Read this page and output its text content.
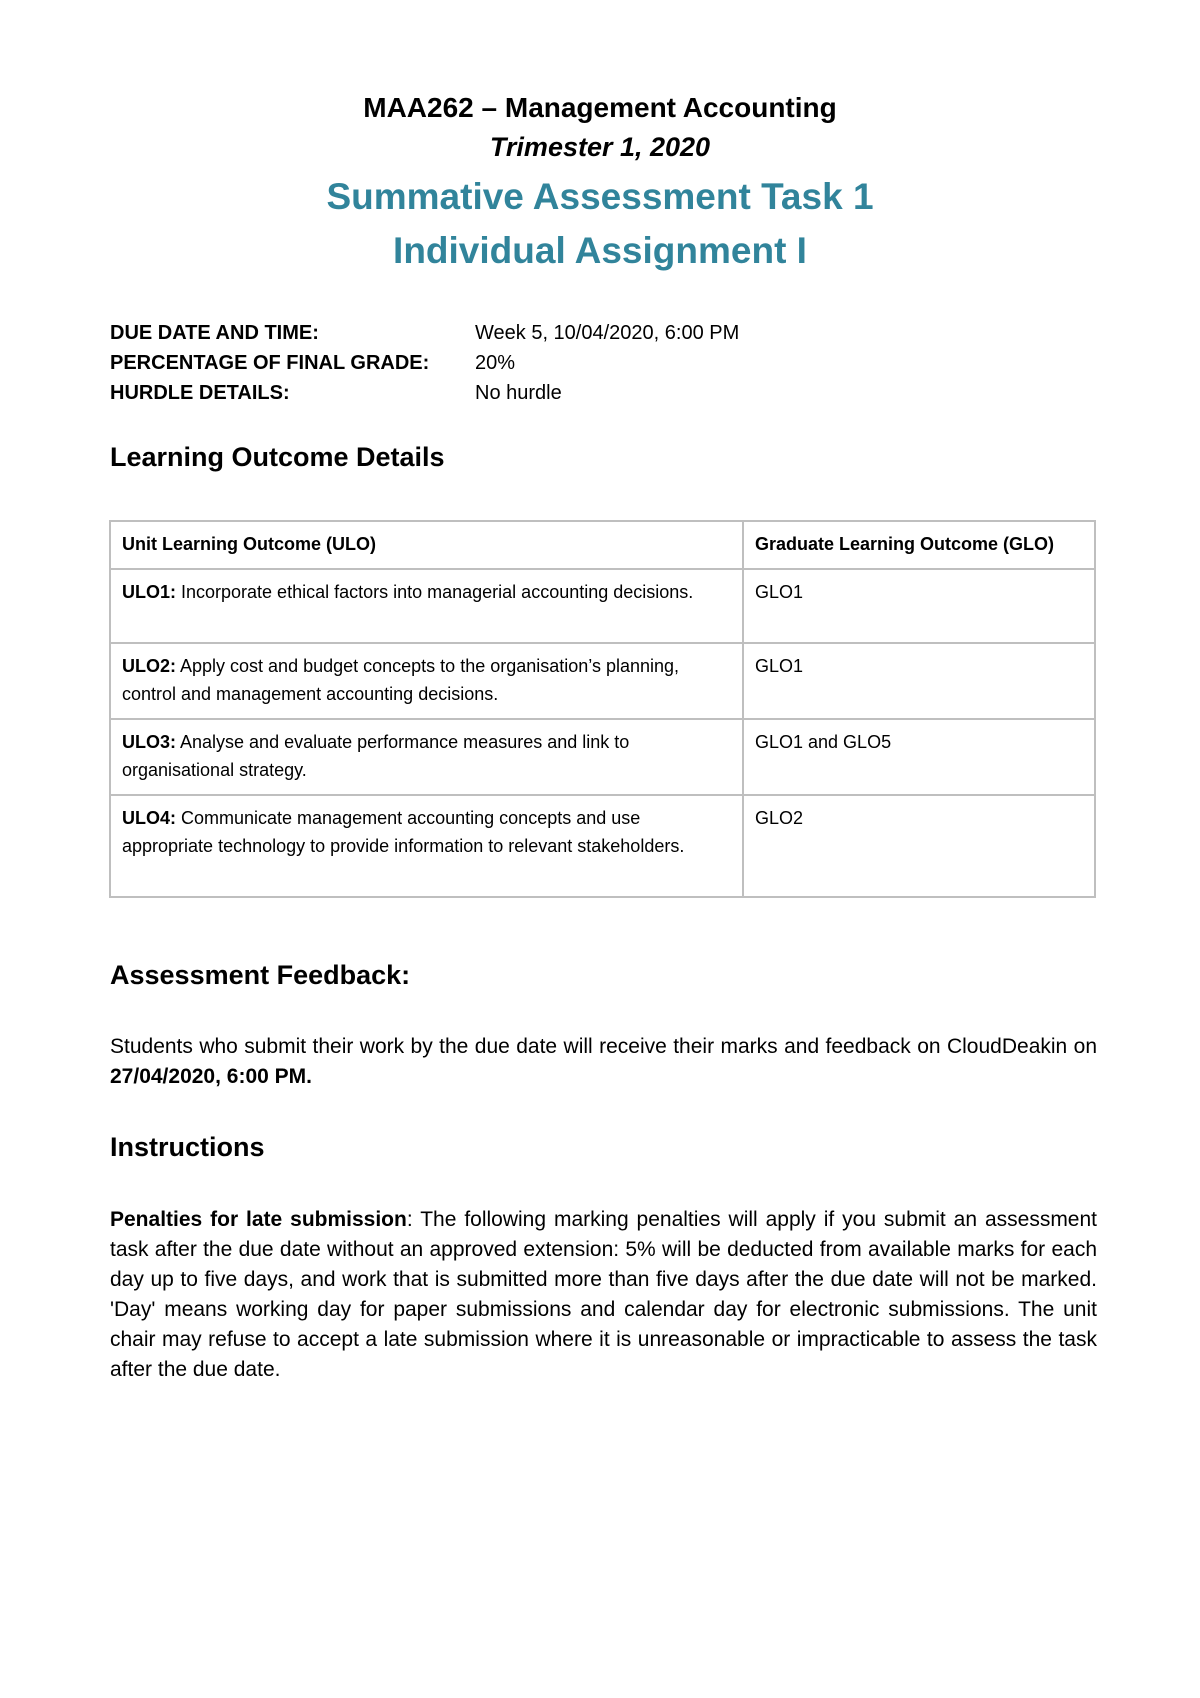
MAA262 – Management Accounting
Trimester 1, 2020
Summative Assessment Task 1
Individual Assignment I
DUE DATE AND TIME:	Week 5, 10/04/2020, 6:00 PM
PERCENTAGE OF FINAL GRADE: 20%
HURDLE DETAILS:	No hurdle
Learning Outcome Details
Unit Learning Outcome (ULO)	Graduate Learning Outcome (GLO)
ULO1: Incorporate ethical factors into managerial accounting decisions.	GLO1
ULO2: Apply cost and budget concepts to the organisation’s planning, control and management accounting decisions.	GLO1
ULO3: Analyse and evaluate performance measures and link to organisational strategy.	GLO1 and GLO5
ULO4: Communicate management accounting concepts and use appropriate technology to provide information to relevant stakeholders.	GLO2
Assessment Feedback:
Students who submit their work by the due date will receive their marks and feedback on CloudDeakin on 27/04/2020, 6:00 PM.
Instructions
Penalties for late submission: The following marking penalties will apply if you submit an assessment task after the due date without an approved extension: 5% will be deducted from available marks for each day up to five days, and work that is submitted more than five days after the due date will not be marked. 'Day' means working day for paper submissions and calendar day for electronic submissions. The unit chair may refuse to accept a late submission where it is unreasonable or impracticable to assess the task after the due date.
